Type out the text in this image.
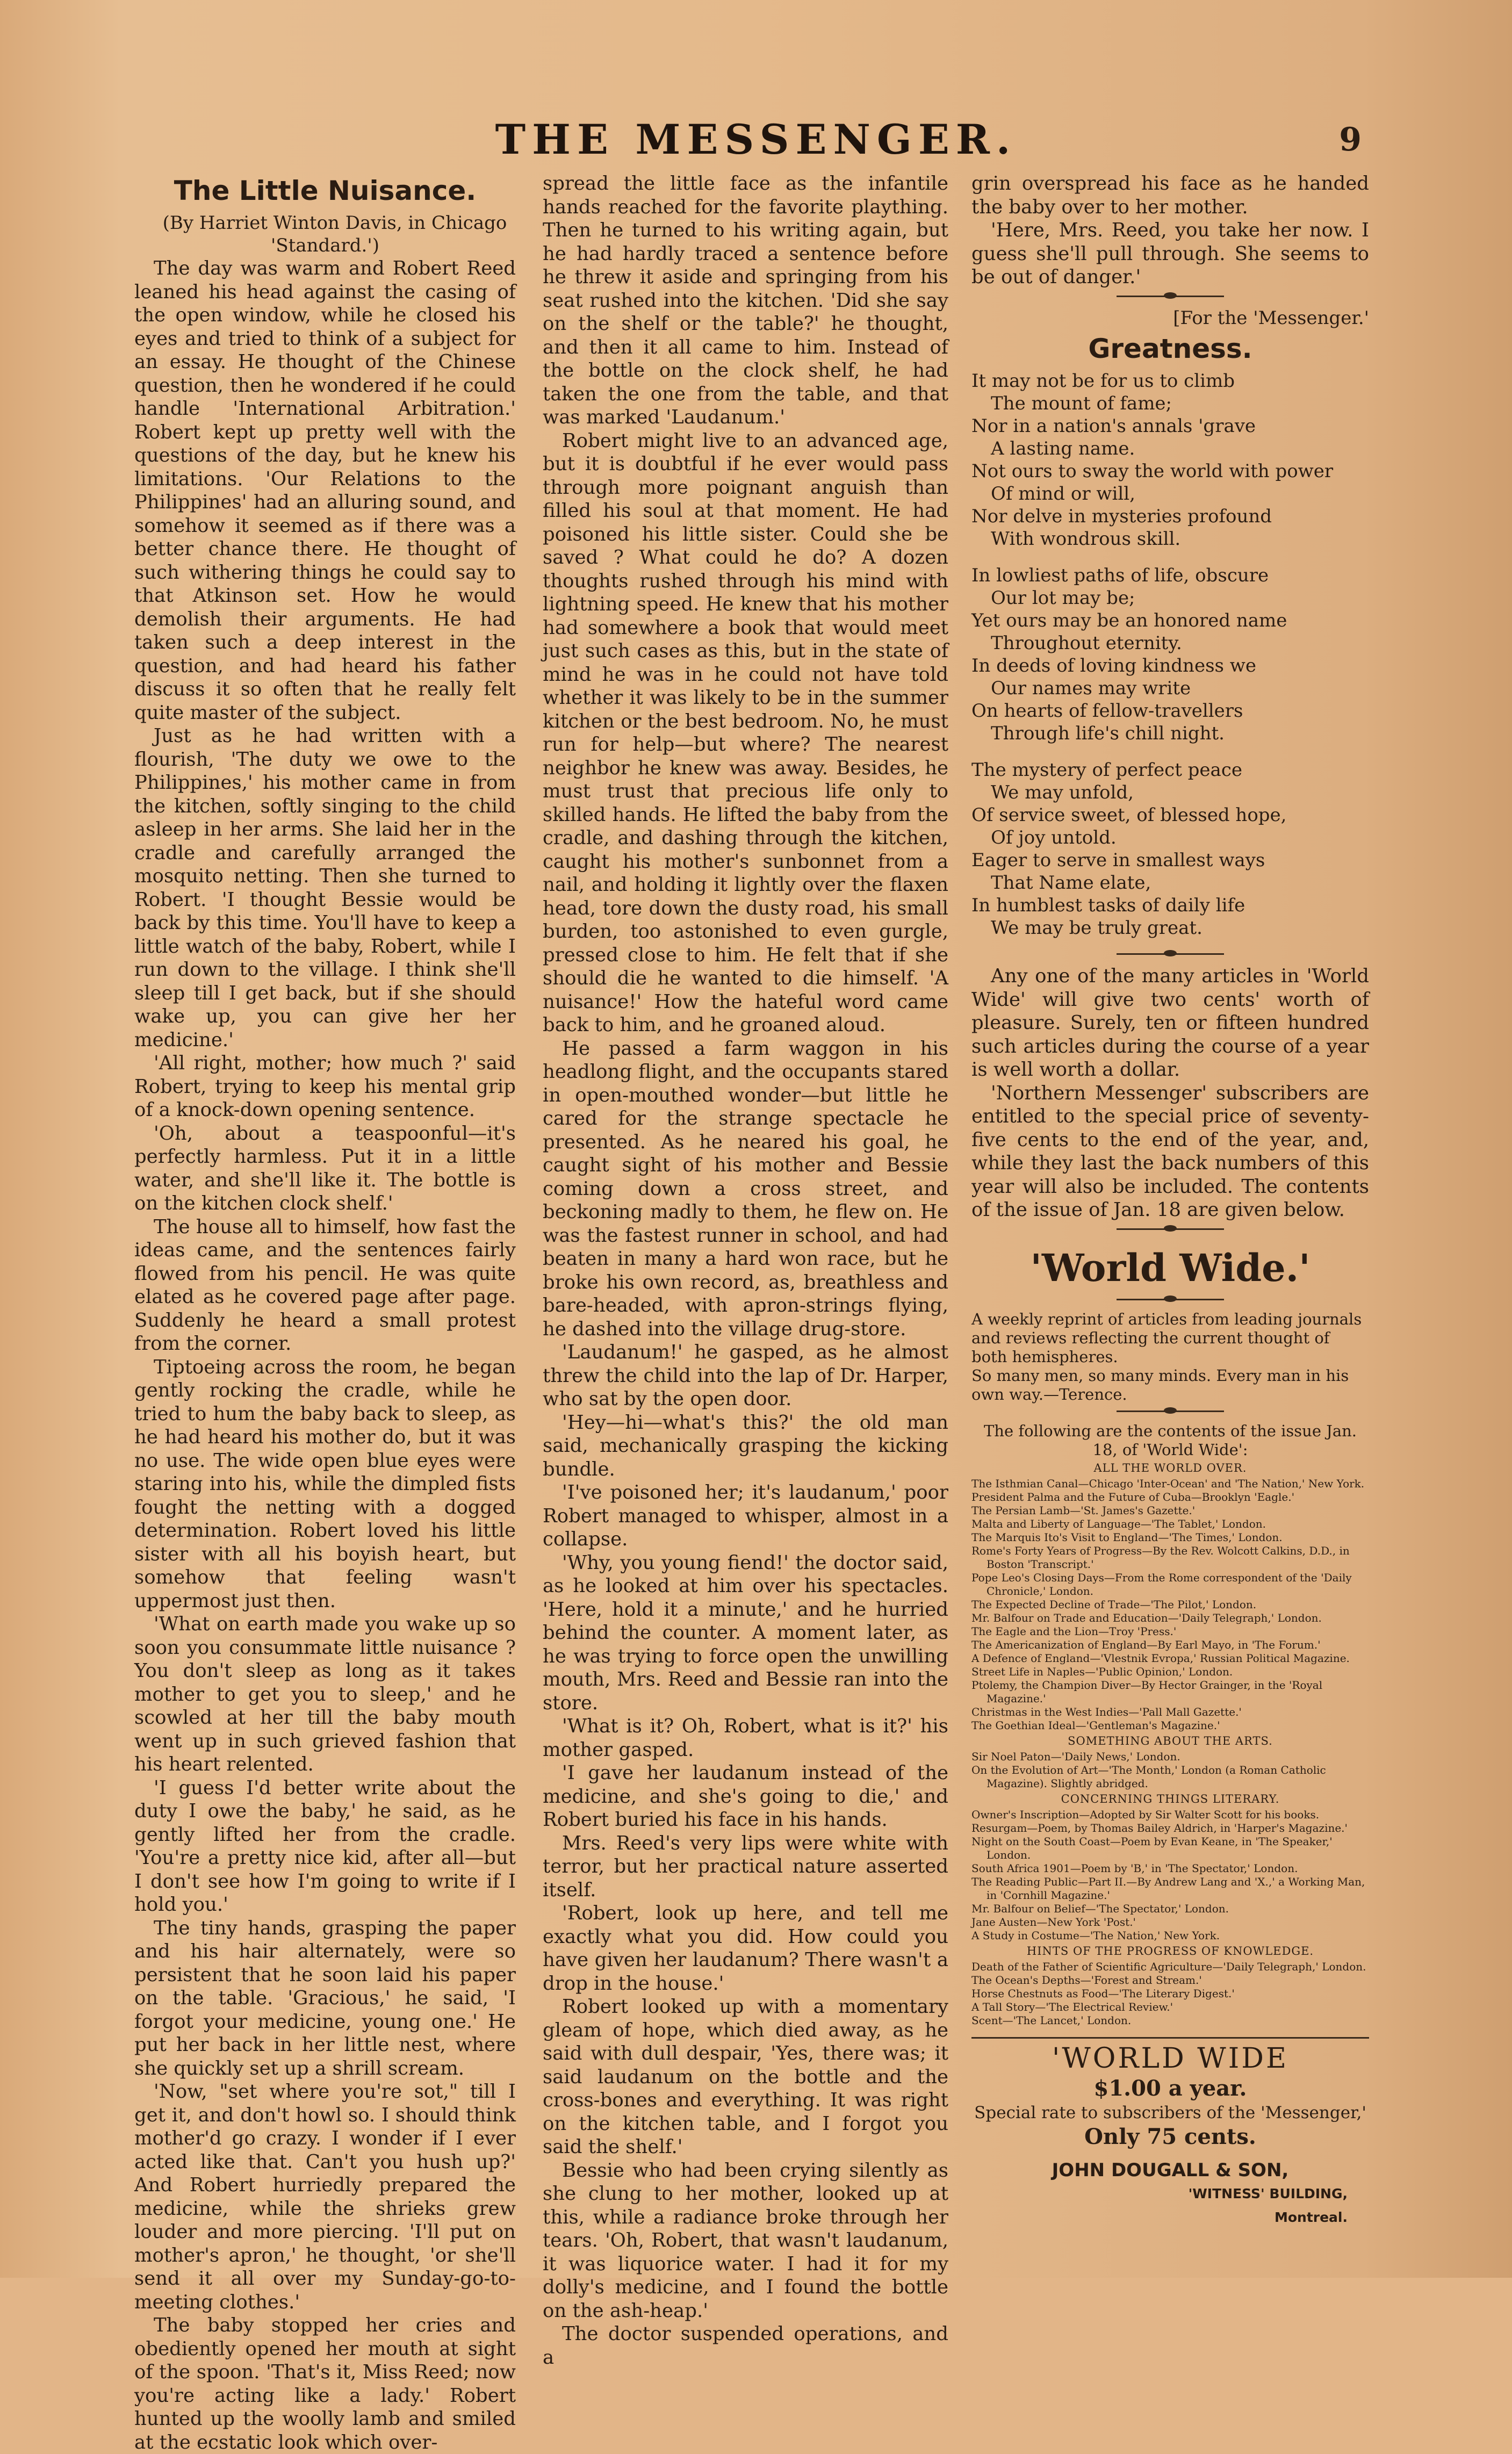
THE MESSENGER.	9
The Little Nuisance.

(By Harriet Winton Davis, in Chicago 'Standard.')

The day was warm and Robert Reed leaned his head against the casing of the open window, while he closed his eyes and tried to think of a subject for an essay. He thought of the Chinese question, then he wondered if he could handle 'International Arbitration.' Robert kept up pretty well with the questions of the day, but he knew his limitations. 'Our Relations to the Philippines' had an alluring sound, and somehow it seemed as if there was a better chance there. He thought of such withering things he could say to that Atkinson set. How he would demolish their arguments. He had taken such a deep interest in the question, and had heard his father discuss it so often that he really felt quite master of the subject.

Just as he had written with a flourish, 'The duty we owe to the Philippines,' his mother came in from the kitchen, softly singing to the child asleep in her arms. She laid her in the cradle and carefully arranged the mosquito netting. Then she turned to Robert. 'I thought Bessie would be back by this time. You'll have to keep a little watch of the baby, Robert, while I run down to the village. I think she'll sleep till I get back, but if she should wake up, you can give her her medicine.'

'All right, mother; how much ?' said Robert, trying to keep his mental grip of a knock-down opening sentence.

'Oh, about a teaspoonful—it's perfectly harmless. Put it in a little water, and she'll like it. The bottle is on the kitchen clock shelf.'

The house all to himself, how fast the ideas came, and the sentences fairly flowed from his pencil. He was quite elated as he covered page after page. Suddenly he heard a small protest from the corner.

Tiptoeing across the room, he began gently rocking the cradle, while he tried to hum the baby back to sleep, as he had heard his mother do, but it was no use. The wide open blue eyes were staring into his, while the dimpled fists fought the netting with a dogged determination. Robert loved his little sister with all his boyish heart, but somehow that feeling wasn't uppermost just then.

'What on earth made you wake up so soon you consummate little nuisance ? You don't sleep as long as it takes mother to get you to sleep,' and he scowled at her till the baby mouth went up in such grieved fashion that his heart relented.

'I guess I'd better write about the duty I owe the baby,' he said, as he gently lifted her from the cradle. 'You're a pretty nice kid, after all—but I don't see how I'm going to write if I hold you.'

The tiny hands, grasping the paper and his hair alternately, were so persistent that he soon laid his paper on the table. 'Gracious,' he said, 'I forgot your medicine, young one.' He put her back in her little nest, where she quickly set up a shrill scream.

'Now, "set where you're sot," till I get it, and don't howl so. I should think mother'd go crazy. I wonder if I ever acted like that. Can't you hush up?' And Robert hurriedly prepared the medicine, while the shrieks grew louder and more piercing. 'I'll put on mother's apron,' he thought, 'or she'll send it all over my Sunday-go-to-meeting clothes.'

The baby stopped her cries and obediently opened her mouth at sight of the spoon. 'That's it, Miss Reed; now you're acting like a lady.' Robert hunted up the woolly lamb and smiled at the ecstatic look which over-

spread the little face as the infantile hands reached for the favorite plaything. Then he turned to his writing again, but he had hardly traced a sentence before he threw it aside and springing from his seat rushed into the kitchen. 'Did she say on the shelf or the table?' he thought, and then it all came to him. Instead of the bottle on the clock shelf, he had taken the one from the table, and that was marked 'Laudanum.'

Robert might live to an advanced age, but it is doubtful if he ever would pass through more poignant anguish than filled his soul at that moment. He had poisoned his little sister. Could she be saved ? What could he do? A dozen thoughts rushed through his mind with lightning speed. He knew that his mother had somewhere a book that would meet just such cases as this, but in the state of mind he was in he could not have told whether it was likely to be in the summer kitchen or the best bedroom. No, he must run for help—but where? The nearest neighbor he knew was away. Besides, he must trust that precious life only to skilled hands. He lifted the baby from the cradle, and dashing through the kitchen, caught his mother's sunbonnet from a nail, and holding it lightly over the flaxen head, tore down the dusty road, his small burden, too astonished to even gurgle, pressed close to him. He felt that if she should die he wanted to die himself. 'A nuisance!' How the hateful word came back to him, and he groaned aloud.

He passed a farm waggon in his headlong flight, and the occupants stared in open-mouthed wonder—but little he cared for the strange spectacle he presented. As he neared his goal, he caught sight of his mother and Bessie coming down a cross street, and beckoning madly to them, he flew on. He was the fastest runner in school, and had beaten in many a hard won race, but he broke his own record, as, breathless and bare-headed, with apron-strings flying, he dashed into the village drug-store.

'Laudanum!' he gasped, as he almost threw the child into the lap of Dr. Harper, who sat by the open door.

'Hey—hi—what's this?' the old man said, mechanically grasping the kicking bundle.

'I've poisoned her; it's laudanum,' poor Robert managed to whisper, almost in a collapse.

'Why, you young fiend!' the doctor said, as he looked at him over his spectacles. 'Here, hold it a minute,' and he hurried behind the counter. A moment later, as he was trying to force open the unwilling mouth, Mrs. Reed and Bessie ran into the store.

'What is it? Oh, Robert, what is it?' his mother gasped.

'I gave her laudanum instead of the medicine, and she's going to die,' and Robert buried his face in his hands.

Mrs. Reed's very lips were white with terror, but her practical nature asserted itself.

'Robert, look up here, and tell me exactly what you did. How could you have given her laudanum? There wasn't a drop in the house.'

Robert looked up with a momentary gleam of hope, which died away, as he said with dull despair, 'Yes, there was; it said laudanum on the bottle and the cross-bones and everything. It was right on the kitchen table, and I forgot you said the shelf.'

Bessie who had been crying silently as she clung to her mother, looked up at this, while a radiance broke through her tears. 'Oh, Robert, that wasn't laudanum, it was liquorice water. I had it for my dolly's medicine, and I found the bottle on the ash-heap.'

The doctor suspended operations, and a

grin overspread his face as he handed the baby over to her mother.

'Here, Mrs. Reed, you take her now. I guess she'll pull through. She seems to be out of danger.'

[For the 'Messenger.'

Greatness.
It may not be for us to climb
The mount of fame;
Nor in a nation's annals 'grave
A lasting name.
Not ours to sway the world with power
Of mind or will,
Nor delve in mysteries profound
With wondrous skill.
In lowliest paths of life, obscure
Our lot may be;
Yet ours may be an honored name
Throughout eternity.
In deeds of loving kindness we
Our names may write
On hearts of fellow-travellers
Through life's chill night.
The mystery of perfect peace
We may unfold,
Of service sweet, of blessed hope,
Of joy untold.
Eager to serve in smallest ways
That Name elate,
In humblest tasks of daily life
We may be truly great.

Any one of the many articles in 'World Wide' will give two cents' worth of pleasure. Surely, ten or fifteen hundred such articles during the course of a year is well worth a dollar.

'Northern Messenger' subscribers are entitled to the special price of seventy-five cents to the end of the year, and, while they last the back numbers of this year will also be included. The contents of the issue of Jan. 18 are given below.

'World Wide.'

A weekly reprint of articles from leading journals and reviews reflecting the current thought of both hemispheres.

So many men, so many minds. Every man in his own way.—Terence.

The following are the contents of the issue Jan. 18, of 'World Wide':

ALL THE WORLD OVER.
The Isthmian Canal—Chicago 'Inter-Ocean' and 'The Nation,' New York.
President Palma and the Future of Cuba—Brooklyn 'Eagle.'
The Persian Lamb—'St. James's Gazette.'
Malta and Liberty of Language—'The Tablet,' London.
The Marquis Ito's Visit to England—'The Times,' London.
Rome's Forty Years of Progress—By the Rev. Wolcott Calkins, D.D., in Boston 'Transcript.'
Pope Leo's Closing Days—From the Rome correspondent of the 'Daily Chronicle,' London.
The Expected Decline of Trade—'The Pilot,' London.
Mr. Balfour on Trade and Education—'Daily Telegraph,' London.
The Eagle and the Lion—Troy 'Press.'
The Americanization of England—By Earl Mayo, in 'The Forum.'
A Defence of England—'Vlestnik Evropa,' Russian Political Magazine.
Street Life in Naples—'Public Opinion,' London.
Ptolemy, the Champion Diver—By Hector Grainger, in the 'Royal Magazine.'
Christmas in the West Indies—'Pall Mall Gazette.'
The Goethian Ideal—'Gentleman's Magazine.'
SOMETHING ABOUT THE ARTS.
Sir Noel Paton—'Daily News,' London.
On the Evolution of Art—'The Month,' London (a Roman Catholic Magazine). Slightly abridged.
CONCERNING THINGS LITERARY.
Owner's Inscription—Adopted by Sir Walter Scott for his books.
Resurgam—Poem, by Thomas Bailey Aldrich, in 'Harper's Magazine.'
Night on the South Coast—Poem by Evan Keane, in 'The Speaker,' London.
South Africa 1901—Poem by 'B,' in 'The Spectator,' London.
The Reading Public—Part II.—By Andrew Lang and 'X.,' a Working Man, in 'Cornhill Magazine.'
Mr. Balfour on Belief—'The Spectator,' London.
Jane Austen—New York 'Post.'
A Study in Costume—'The Nation,' New York.
HINTS OF THE PROGRESS OF KNOWLEDGE.
Death of the Father of Scientific Agriculture—'Daily Telegraph,' London.
The Ocean's Depths—'Forest and Stream.'
Horse Chestnuts as Food—'The Literary Digest.'
A Tall Story—'The Electrical Review.'
Scent—'The Lancet,' London.
'WORLD WIDE
$1.00 a year.
Special rate to subscribers of the 'Messenger,'
Only 75 cents.
JOHN DOUGALL & SON,
'WITNESS' BUILDING,
Montreal.
